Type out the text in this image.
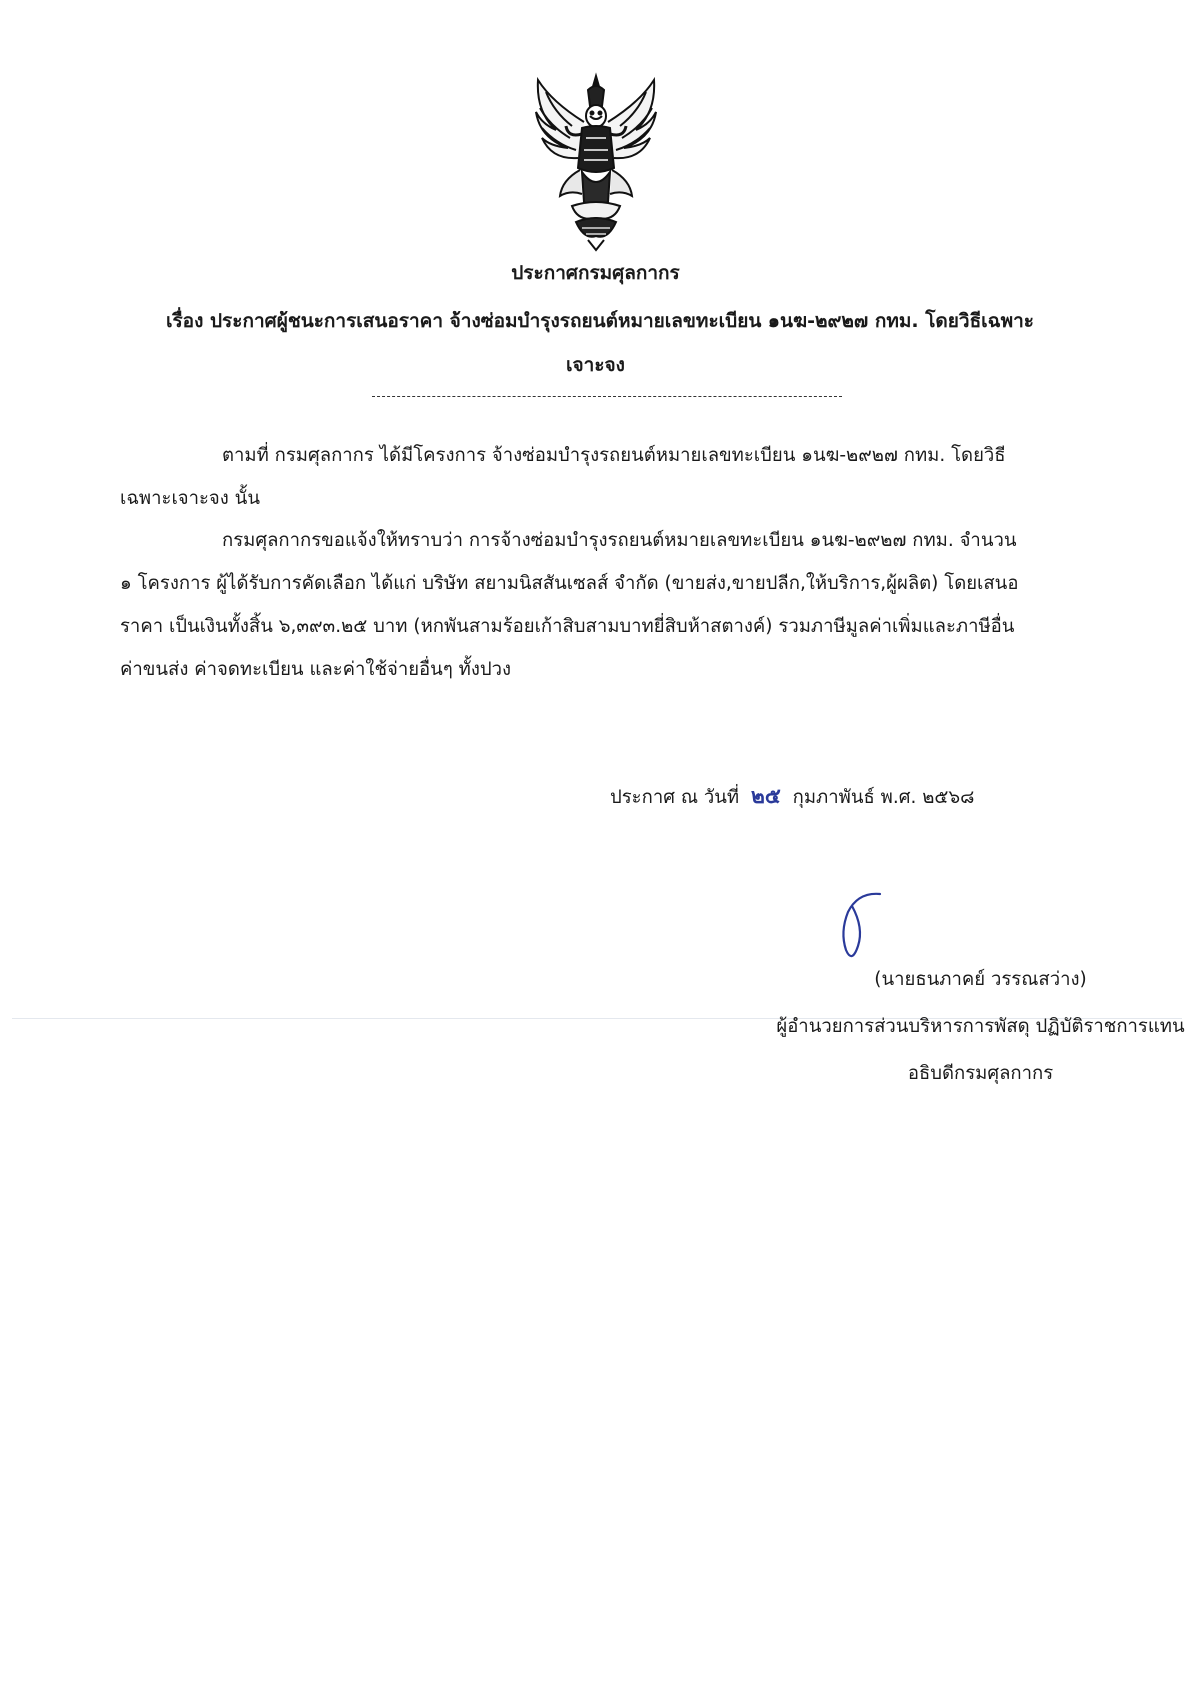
ประกาศกรมศุลกากร
เรื่อง ประกาศผู้ชนะการเสนอราคา จ้างซ่อมบำรุงรถยนต์หมายเลขทะเบียน ๑นฆ-๒๙๒๗ กทม. โดยวิธีเฉพาะ
เจาะจง
ตามที่ กรมศุลกากร ได้มีโครงการ จ้างซ่อมบำรุงรถยนต์หมายเลขทะเบียน ๑นฆ-๒๙๒๗ กทม. โดยวิธี
เฉพาะเจาะจง นั้น
กรมศุลกากรขอแจ้งให้ทราบว่า การจ้างซ่อมบำรุงรถยนต์หมายเลขทะเบียน ๑นฆ-๒๙๒๗ กทม. จำนวน
๑ โครงการ ผู้ได้รับการคัดเลือก ได้แก่ บริษัท สยามนิสสันเซลส์ จำกัด (ขายส่ง,ขายปลีก,ให้บริการ,ผู้ผลิต) โดยเสนอ
ราคา เป็นเงินทั้งสิ้น ๖,๓๙๓.๒๕ บาท (หกพันสามร้อยเก้าสิบสามบาทยี่สิบห้าสตางค์) รวมภาษีมูลค่าเพิ่มและภาษีอื่น
ค่าขนส่ง ค่าจดทะเบียน และค่าใช้จ่ายอื่นๆ ทั้งปวง
ประกาศ ณ วันที่ ๒๕ กุมภาพันธ์ พ.ศ. ๒๕๖๘
(นายธนภาคย์ วรรณสว่าง)
ผู้อำนวยการส่วนบริหารการพัสดุ ปฏิบัติราชการแทน
อธิบดีกรมศุลกากร
